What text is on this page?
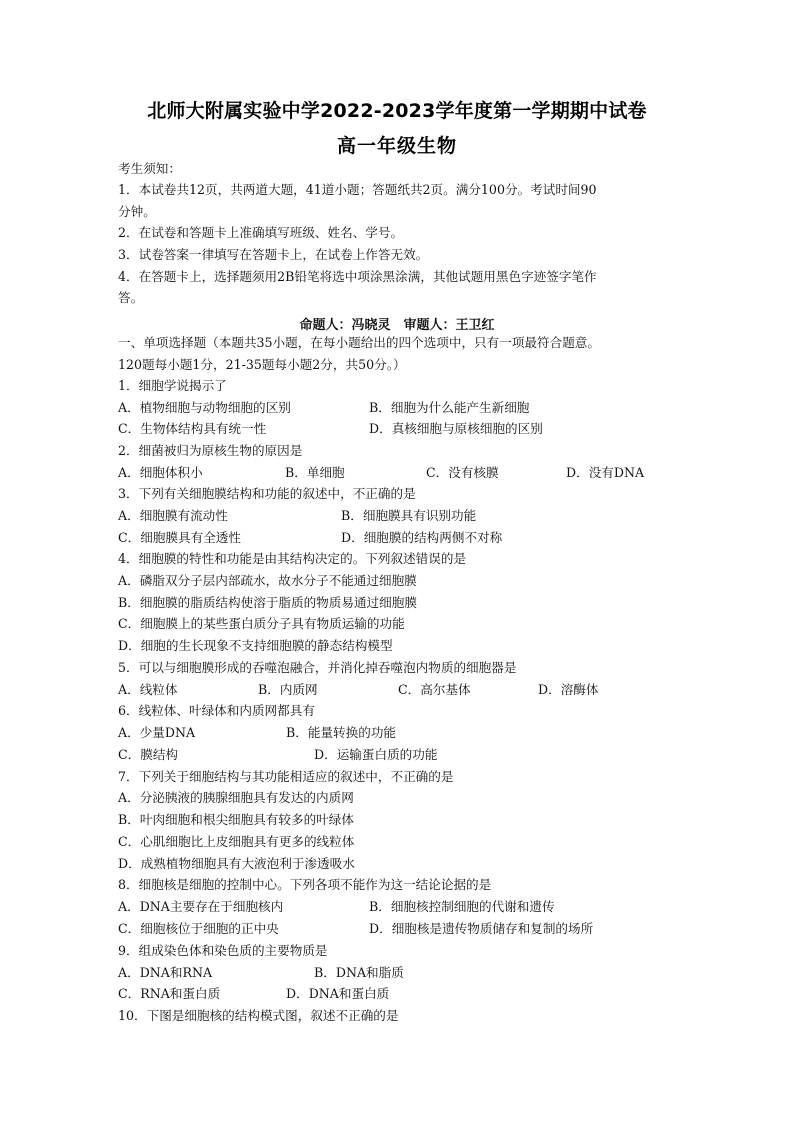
北师大附属实验中学2022-2023学年度第一学期期中试卷
高一年级生物
考生须知：
1．本试卷共12页，共两道大题，41道小题；答题纸共2页。满分100分。考试时间90
分钟。
2．在试卷和答题卡上准确填写班级、姓名、学号。
3．试卷答案一律填写在答题卡上，在试卷上作答无效。
4．在答题卡上，选择题须用2B铅笔将选中项涂黑涂满，其他试题用黑色字迹签字笔作
答。
命题人：冯晓灵　审题人：王卫红
一、单项选择题（本题共35小题，在每小题给出的四个选项中，只有一项最符合题意。
120题每小题1分，21-35题每小题2分，共50分。）
1．细胞学说揭示了
A．植物细胞与动物细胞的区别	B．细胞为什么能产生新细胞
C．生物体结构具有统一性	D．真核细胞与原核细胞的区别
2．细菌被归为原核生物的原因是
A．细胞体积小	B．单细胞	C．没有核膜	D．没有DNA
3．下列有关细胞膜结构和功能的叙述中，不正确的是
A．细胞膜有流动性	B．细胞膜具有识别功能
C．细胞膜具有全透性	D．细胞膜的结构两侧不对称
4．细胞膜的特性和功能是由其结构决定的。下列叙述错误的是
A．磷脂双分子层内部疏水，故水分子不能通过细胞膜
B．细胞膜的脂质结构使溶于脂质的物质易通过细胞膜
C．细胞膜上的某些蛋白质分子具有物质运输的功能
D．细胞的生长现象不支持细胞膜的静态结构模型
5．可以与细胞膜形成的吞噬泡融合，并消化掉吞噬泡内物质的细胞器是
A．线粒体	B．内质网	C．高尔基体	D．溶酶体
6．线粒体、叶绿体和内质网都具有
A．少量DNA	B．能量转换的功能
C．膜结构	D．运输蛋白质的功能
7．下列关于细胞结构与其功能相适应的叙述中，不正确的是
A．分泌胰液的胰腺细胞具有发达的内质网
B．叶肉细胞和根尖细胞具有较多的叶绿体
C．心肌细胞比上皮细胞具有更多的线粒体
D．成熟植物细胞具有大液泡利于渗透吸水
8．细胞核是细胞的控制中心。下列各项不能作为这一结论论据的是
A．DNA主要存在于细胞核内	B．细胞核控制细胞的代谢和遗传
C．细胞核位于细胞的正中央	D．细胞核是遗传物质储存和复制的场所
9．组成染色体和染色质的主要物质是
A．DNA和RNA	B．DNA和脂质
C．RNA和蛋白质	D．DNA和蛋白质
10．下图是细胞核的结构模式图，叙述不正确的是
